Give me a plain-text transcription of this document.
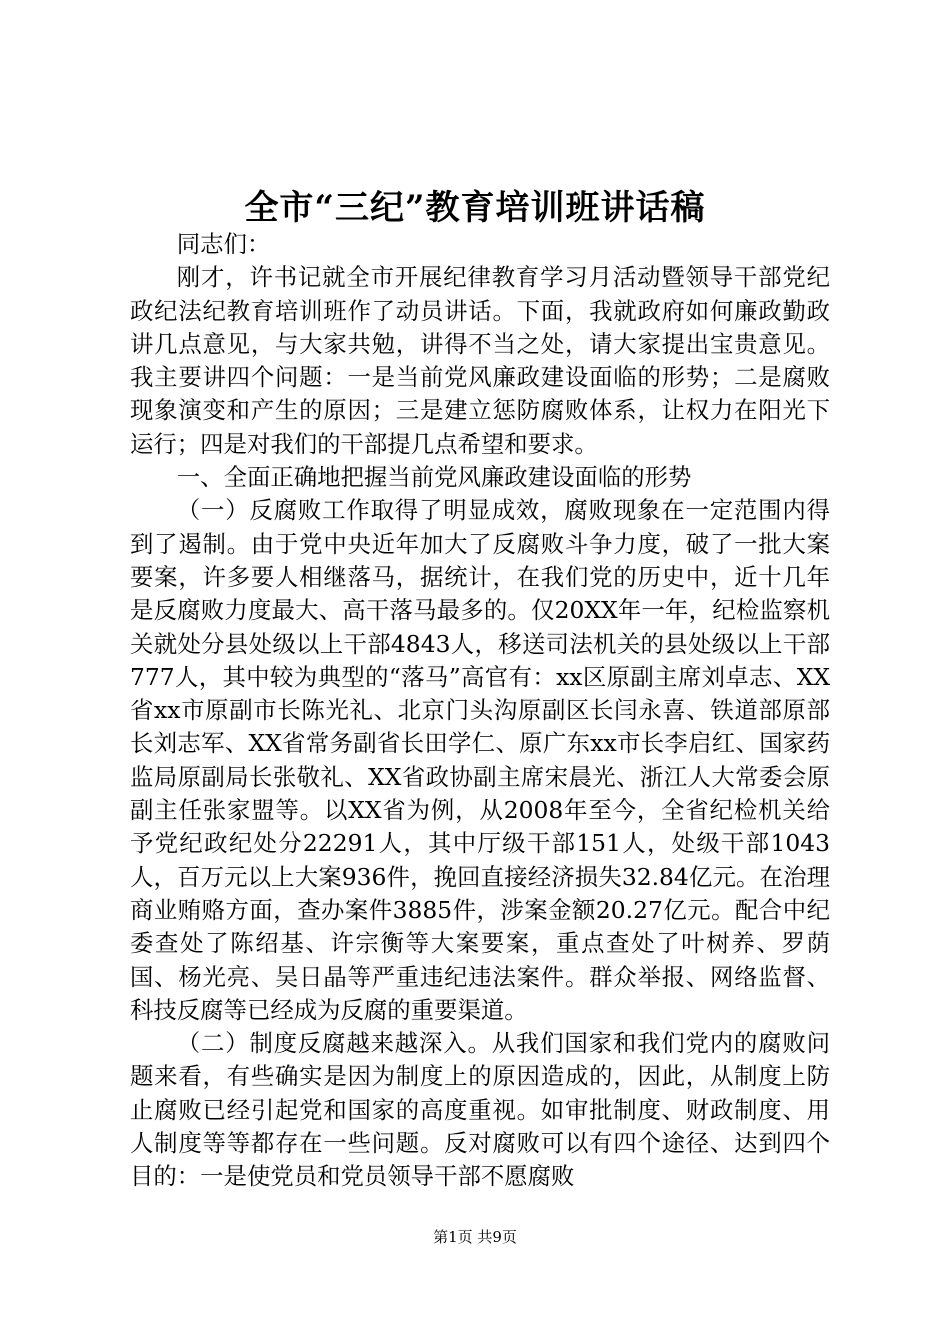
全市“三纪”教育培训班讲话稿

同志们：

刚才，许书记就全市开展纪律教育学习月活动暨领导干部党纪政纪法纪教育培训班作了动员讲话。下面，我就政府如何廉政勤政讲几点意见，与大家共勉，讲得不当之处，请大家提出宝贵意见。我主要讲四个问题：一是当前党风廉政建设面临的形势；二是腐败现象演变和产生的原因；三是建立惩防腐败体系，让权力在阳光下运行；四是对我们的干部提几点希望和要求。

一、全面正确地把握当前党风廉政建设面临的形势

（一）反腐败工作取得了明显成效，腐败现象在一定范围内得到了遏制。由于党中央近年加大了反腐败斗争力度，破了一批大案要案，许多要人相继落马，据统计，在我们党的历史中，近十几年是反腐败力度最大、高干落马最多的。仅20XX年一年，纪检监察机关就处分县处级以上干部4843人，移送司法机关的县处级以上干部777人，其中较为典型的“落马”高官有：xx区原副主席刘卓志、XX省xx市原副市长陈光礼、北京门头沟原副区长闫永喜、铁道部原部长刘志军、XX省常务副省长田学仁、原广东xx市长李启红、国家药监局原副局长张敬礼、XX省政协副主席宋晨光、浙江人大常委会原副主任张家盟等。以XX省为例，从2008年至今，全省纪检机关给予党纪政纪处分22291人，其中厅级干部151人，处级干部1043人，百万元以上大案936件，挽回直接经济损失32.84亿元。在治理商业贿赂方面，查办案件3885件，涉案金额20.27亿元。配合中纪委查处了陈绍基、许宗衡等大案要案，重点查处了叶树养、罗荫国、杨光亮、吴日晶等严重违纪违法案件。群众举报、网络监督、科技反腐等已经成为反腐的重要渠道。

（二）制度反腐越来越深入。从我们国家和我们党内的腐败问题来看，有些确实是因为制度上的原因造成的，因此，从制度上防止腐败已经引起党和国家的高度重视。如审批制度、财政制度、用人制度等等都存在一些问题。反对腐败可以有四个途径、达到四个目的：一是使党员和党员领导干部不愿腐败

第1页 共9页
